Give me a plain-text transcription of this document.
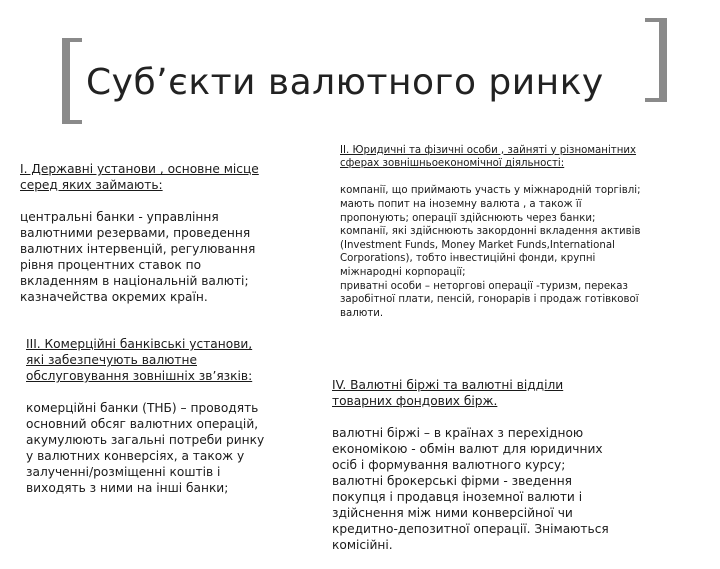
Суб’єкти валютного ринку

I. Державні установи , основне місце
серед яких займають:

центральні банки - управління
валютними резервами, проведення
валютних інтервенцій, регулювання
рівня процентних ставок по
вкладенням в національній валюті;
казначейства окремих країн.

II. Юридичні та фізичні особи , зайняті у різноманітних
сферах зовнішньоекономічної діяльності:

компанії, що приймають участь у міжнародній торгівлі;
мають попит на іноземну валюта , а також її
пропонують; операції здійснюють через банки;
компанії, які здійснюють закордонні вкладення активів
(Investment Funds, Money Market Funds,International
Corporations), тобто інвестиційні фонди, крупні
міжнародні корпорації;
приватні особи – неторгові операції -туризм, переказ
заробітної плати, пенсій, гонорарів і продаж готівкової
валюти.

III. Комерційні банківські установи,
які забезпечують валютне
обслуговування зовнішніх зв’язків:

комерційні банки (ТНБ) – проводять
основний обсяг валютних операцій,
акумулюють загальні потреби ринку
у валютних конверсіях, а також у
залученні/розміщенні коштів і
виходять з ними на інші банки;

IV. Валютні біржі та валютні відділи
товарних фондових бірж.

валютні біржі – в країнах з перехідною
економікою - обмін валют для юридичних
осіб і формування валютного курсу;
валютні брокерські фірми - зведення
покупця і продавця іноземної валюти і
здійснення між ними конверсійної чи
кредитно-депозитної операції. Знімаються
комісійні.
